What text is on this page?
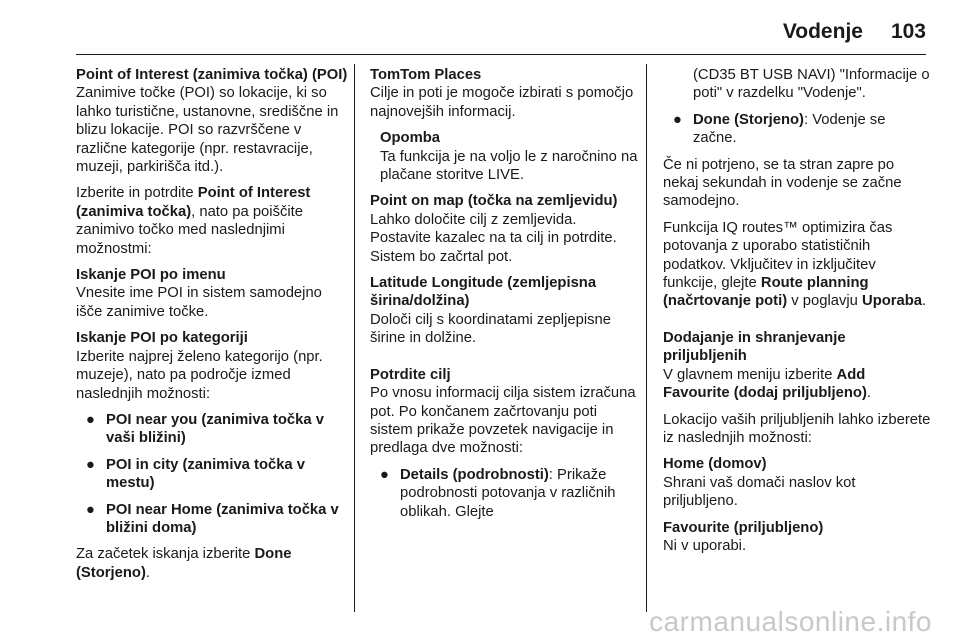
Vodenje 103

Point of Interest (zanimiva točka) (POI)

Zanimive točke (POI) so lokacije, ki so lahko turistične, ustanovne, središčne in blizu lokacije. POI so razvrščene v različne kategorije (npr. restavracije, muzeji, parkirišča itd.).

Izberite in potrdite Point of Interest (zanimiva točka), nato pa poiščite zanimivo točko med naslednjimi možnostmi:

Iskanje POI po imenu

Vnesite ime POI in sistem samodejno išče zanimive točke.

Iskanje POI po kategoriji

Izberite najprej želeno kategorijo (npr. muzeje), nato pa področje izmed naslednjih možnosti:

● POI near you (zanimiva točka v vaši bližini)
● POI in city (zanimiva točka v mestu)
● POI near Home (zanimiva točka v bližini doma)

Za začetek iskanja izberite Done (Storjeno).

TomTom Places

Cilje in poti je mogoče izbirati s pomočjo najnovejših informacij.

Opomba

Ta funkcija je na voljo le z naročnino na plačane storitve LIVE.

Point on map (točka na zemljevidu)

Lahko določite cilj z zemljevida. Postavite kazalec na ta cilj in potrdite. Sistem bo začrtal pot.

Latitude Longitude (zemljepisna širina/dolžina)

Določi cilj s koordinatami zepljepisne širine in dolžine.

Potrdite cilj

Po vnosu informacij cilja sistem izračuna pot. Po končanem začrtovanju poti sistem prikaže povzetek navigacije in predlaga dve možnosti:

● Details (podrobnosti): Prikaže podrobnosti potovanja v različnih oblikah. Glejte
(CD35 BT USB NAVI) "Informacije o poti" v razdelku "Vodenje".
● Done (Storjeno): Vodenje se začne.

Če ni potrjeno, se ta stran zapre po nekaj sekundah in vodenje se začne samodejno.

Funkcija IQ routes™ optimizira čas potovanja z uporabo statističnih podatkov. Vključitev in izključitev funkcije, glejte Route planning (načrtovanje poti) v poglavju Uporaba.

Dodajanje in shranjevanje priljubljenih

V glavnem meniju izberite Add Favourite (dodaj priljubljeno).

Lokacijo vaših priljubljenih lahko izberete iz naslednjih možnosti:

Home (domov)

Shrani vaš domači naslov kot priljubljeno.

Favourite (priljubljeno)

Ni v uporabi.

carmanualsonline.info
